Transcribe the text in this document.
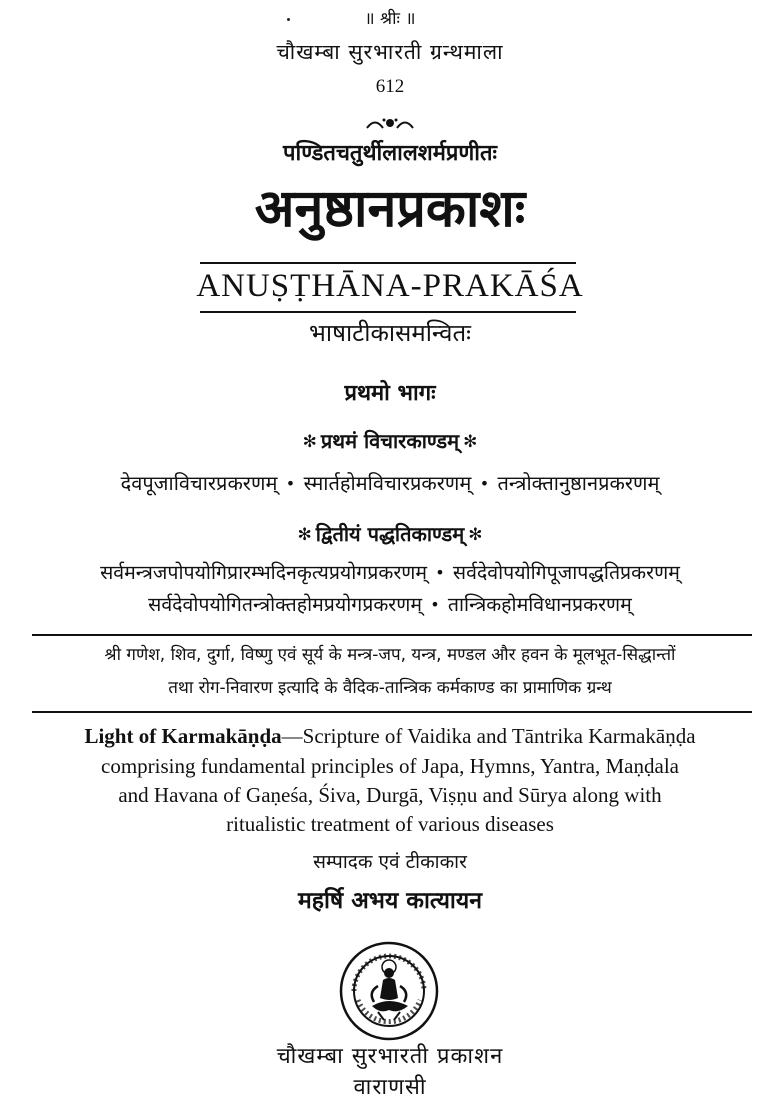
॥ श्रीः ॥
चौखम्बा सुरभारती ग्रन्थमाला
612
पण्डितचतुर्थीलालशर्मप्रणीतः
अनुष्ठानप्रकाशः
ANUṢṬHĀNA-PRAKĀŚA
भाषाटीकासमन्वितः
प्रथमो भागः
✻ प्रथमं विचारकाण्डम् ✻
देवपूजाविचारप्रकरणम् • स्मार्तहोमविचारप्रकरणम् • तन्त्रोक्तानुष्ठानप्रकरणम्
✻ द्वितीयं पद्धतिकाण्डम् ✻
सर्वमन्त्रजपोपयोगिप्रारम्भदिनकृत्यप्रयोगप्रकरणम् • सर्वदेवोपयोगिपूजापद्धतिप्रकरणम्
सर्वदेवोपयोगितन्त्रोक्तहोमप्रयोगप्रकरणम् • तान्त्रिकहोमविधानप्रकरणम्
श्री गणेश, शिव, दुर्गा, विष्णु एवं सूर्य के मन्त्र-जप, यन्त्र, मण्डल और हवन के मूलभूत-सिद्धान्तों
तथा रोग-निवारण इत्यादि के वैदिक-तान्त्रिक कर्मकाण्ड का प्रामाणिक ग्रन्थ
Light of Karmakāṇḍa—Scripture of Vaidika and Tāntrika Karmakāṇḍa
comprising fundamental principles of Japa, Hymns, Yantra, Maṇḍala
and Havana of Gaṇeśa, Śiva, Durgā, Viṣṇu and Sūrya along with
ritualistic treatment of various diseases
सम्पादक एवं टीकाकार
महर्षि अभय कात्यायन
चौखम्बा सुरभारती प्रकाशन
वाराणसी
